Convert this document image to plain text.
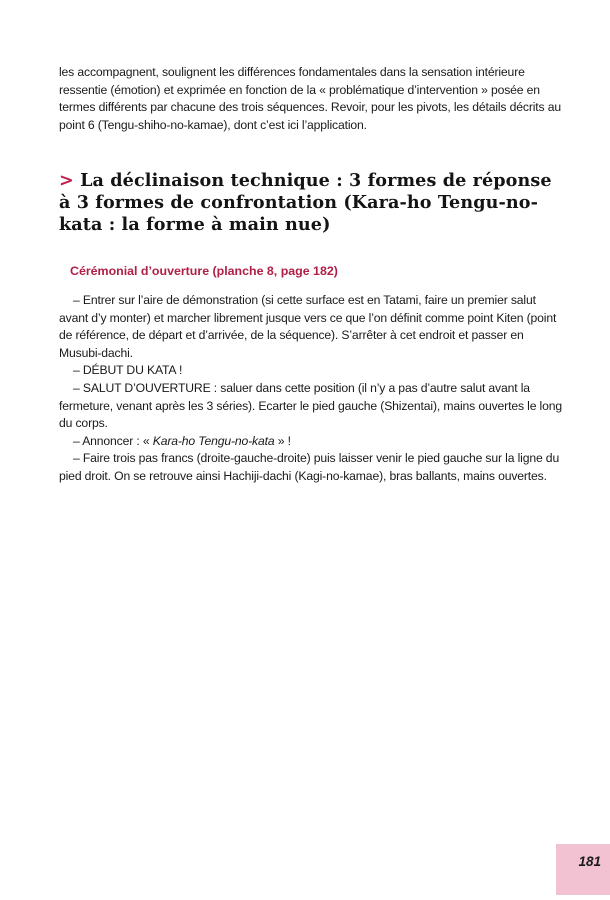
les accompagnent, soulignent les différences fondamentales dans la sensation intérieure ressentie (émotion) et exprimée en fonction de la « problématique d’intervention » posée en termes différents par chacune des trois séquences. Revoir, pour les pivots, les détails décrits au point 6 (Tengu-shiho-no-kamae), dont c’est ici l’application.

> La déclinaison technique : 3 formes de réponse à 3 formes de confrontation (Kara-ho Tengu-no-kata : la forme à main nue)
Cérémonial d’ouverture (planche 8, page 182)

– Entrer sur l’aire de démonstration (si cette surface est en Tatami, faire un premier salut avant d’y monter) et marcher librement jusque vers ce que l’on définit comme point Kiten (point de référence, de départ et d’arrivée, de la séquence). S’arrêter à cet endroit et passer en Musubi-dachi.

– DÉBUT DU KATA !

– SALUT D’OUVERTURE : saluer dans cette position (il n’y a pas d’autre salut avant la fermeture, venant après les 3 séries). Ecarter le pied gauche (Shizentai), mains ouvertes le long du corps.

– Annoncer : « Kara-ho Tengu-no-kata » !

– Faire trois pas francs (droite-gauche-droite) puis laisser venir le pied gauche sur la ligne du pied droit. On se retrouve ainsi Hachiji-dachi (Kagi-no-kamae), bras ballants, mains ouvertes.

181
